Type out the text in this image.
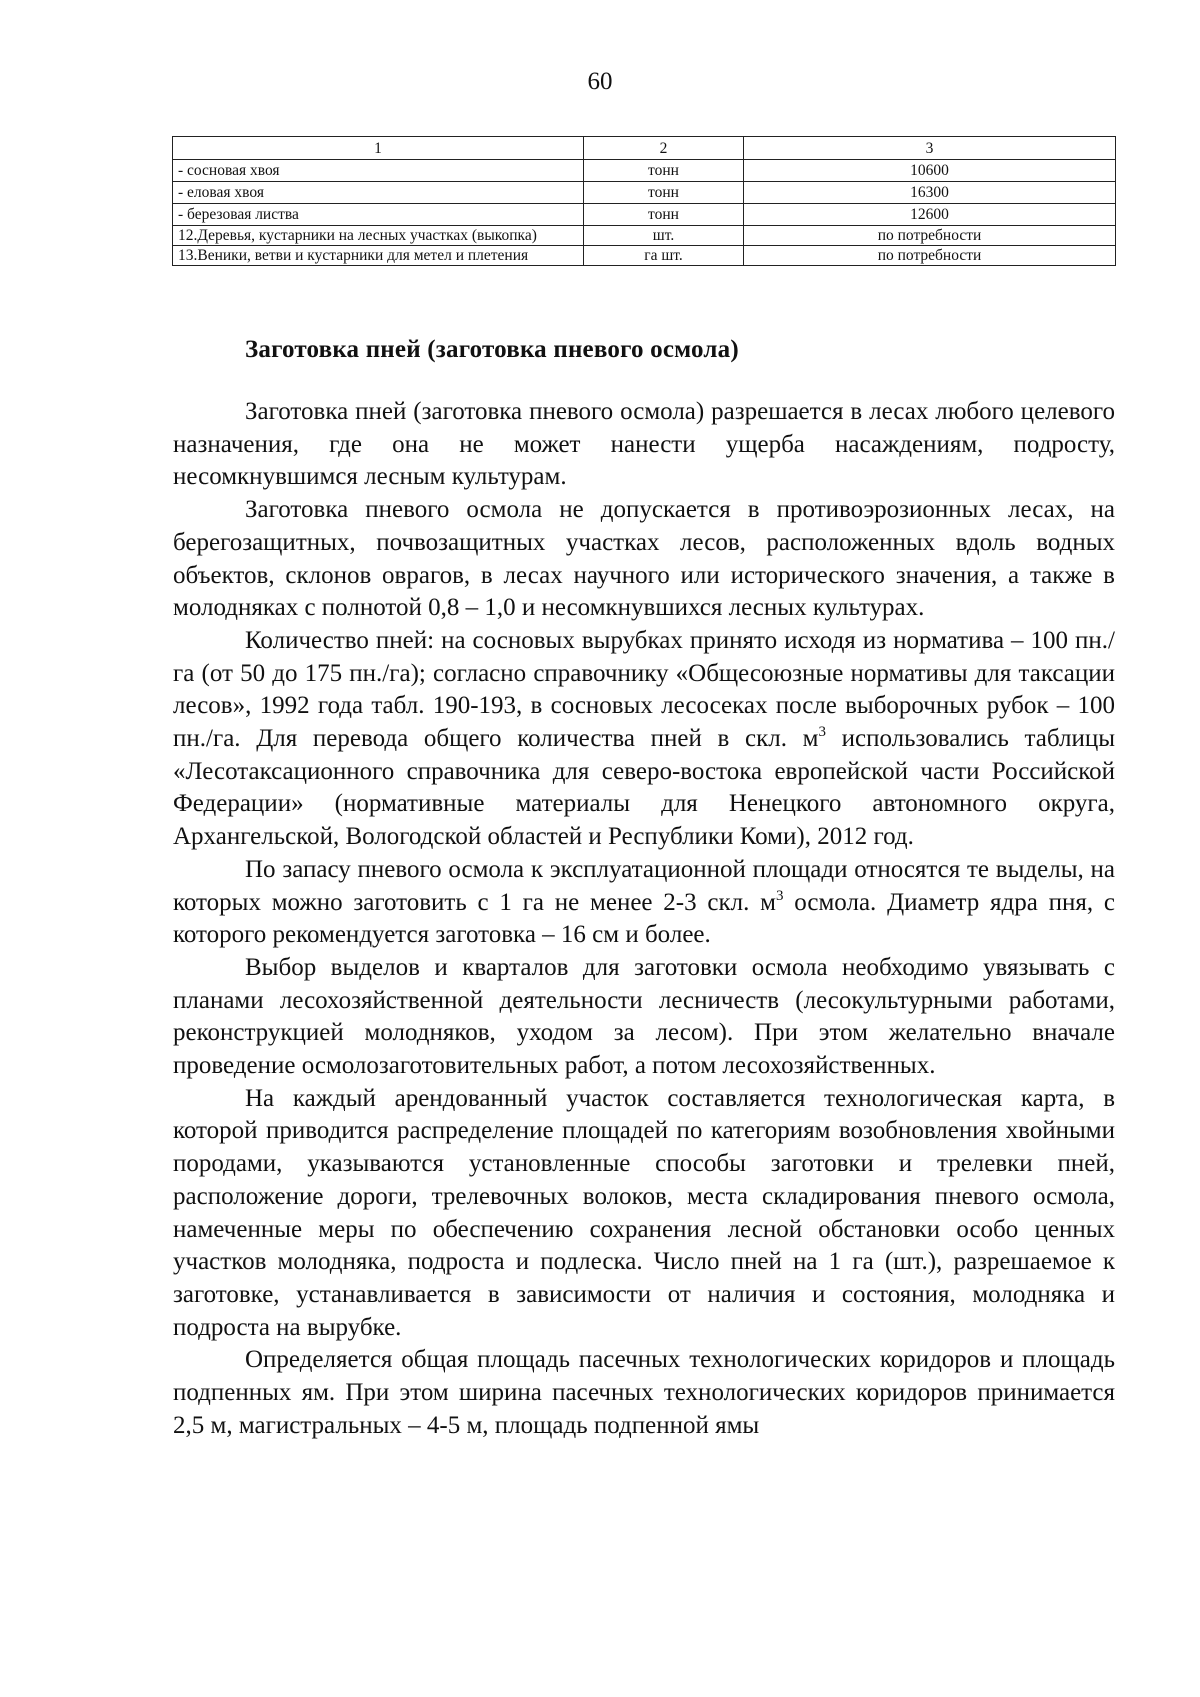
60
1	2	3
- сосновая хвоя	тонн	10600
- еловая хвоя	тонн	16300
- березовая листва	тонн	12600
12.Деревья, кустарники на лесных участках (выкопка)	шт.	по потребности
13.Веники, ветви и кустарники для метел и плетения	га шт.	по потребности
Заготовка пней (заготовка пневого осмола)

Заготовка пней (заготовка пневого осмола) разрешается в лесах любого целевого назначения, где она не может нанести ущерба насаждениям, подросту, несомкнувшимся лесным культурам.

Заготовка пневого осмола не допускается в противоэрозионных лесах, на берегозащитных, почвозащитных участках лесов, расположенных вдоль водных объектов, склонов оврагов, в лесах научного или исторического значения, а также в молодняках с полнотой 0,8 – 1,0 и несомкнувшихся лесных культурах.

Количество пней: на сосновых вырубках принято исходя из норматива – 100 пн./га (от 50 до 175 пн./га); согласно справочнику «Общесоюзные нормативы для таксации лесов», 1992 года табл. 190-193, в сосновых лесосеках после выборочных рубок – 100 пн./га. Для перевода общего количества пней в скл. $м^3$ использовались таблицы «Лесотаксационного справочника для северо-востока европейской части Российской Федерации» (нормативные материалы для Ненецкого автономного округа, Архангельской, Вологодской областей и Республики Коми), 2012 год.

По запасу пневого осмола к эксплуатационной площади относятся те выделы, на которых можно заготовить с 1 га не менее 2-3 скл. $м^3$ осмола. Диаметр ядра пня, с которого рекомендуется заготовка – 16 см и более.

Выбор выделов и кварталов для заготовки осмола необходимо увязывать с планами лесохозяйственной деятельности лесничеств (лесокультурными работами, реконструкцией молодняков, уходом за лесом). При этом желательно вначале проведение осмолозаготовительных работ, а потом лесохозяйственных.

На каждый арендованный участок составляется технологическая карта, в которой приводится распределение площадей по категориям возобновления хвойными породами, указываются установленные способы заготовки и трелевки пней, расположение дороги, трелевочных волоков, места складирования пневого осмола, намеченные меры по обеспечению сохранения лесной обстановки особо ценных участков молодняка, подроста и подлеска. Число пней на 1 га (шт.), разрешаемое к заготовке, устанавливается в зависимости от наличия и состояния, молодняка и подроста на вырубке.

Определяется общая площадь пасечных технологических коридоров и площадь подпенных ям. При этом ширина пасечных технологических коридоров принимается 2,5 м, магистральных – 4-5 м, площадь подпенной ямы
